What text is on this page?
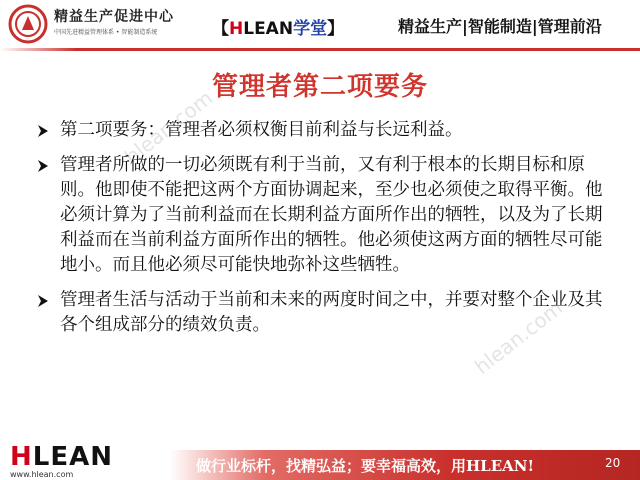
精益生产促进中心
中国先进精益管理体系 • 智能制造系统	【HLEAN学堂】	精益生产|智能制造|管理前沿
hlean.com
hlean.com
管理者第二项要务
第二项要务：管理者必须权衡目前利益与长远利益。
管理者所做的一切必须既有利于当前，又有利于根本的长期目标和原则。他即使不能把这两个方面协调起来，至少也必须使之取得平衡。他必须计算为了当前利益而在长期利益方面所作出的牺牲，以及为了长期利益而在当前利益方面所作出的牺牲。他必须使这两方面的牺牲尽可能地小。而且他必须尽可能快地弥补这些牺牲。
管理者生活与活动于当前和未来的两度时间之中，并要对整个企业及其各个组成部分的绩效负责。
HLEAN
www.hlean.com	做行业标杆，找精弘益；要幸福高效，用HLEAN!	20
